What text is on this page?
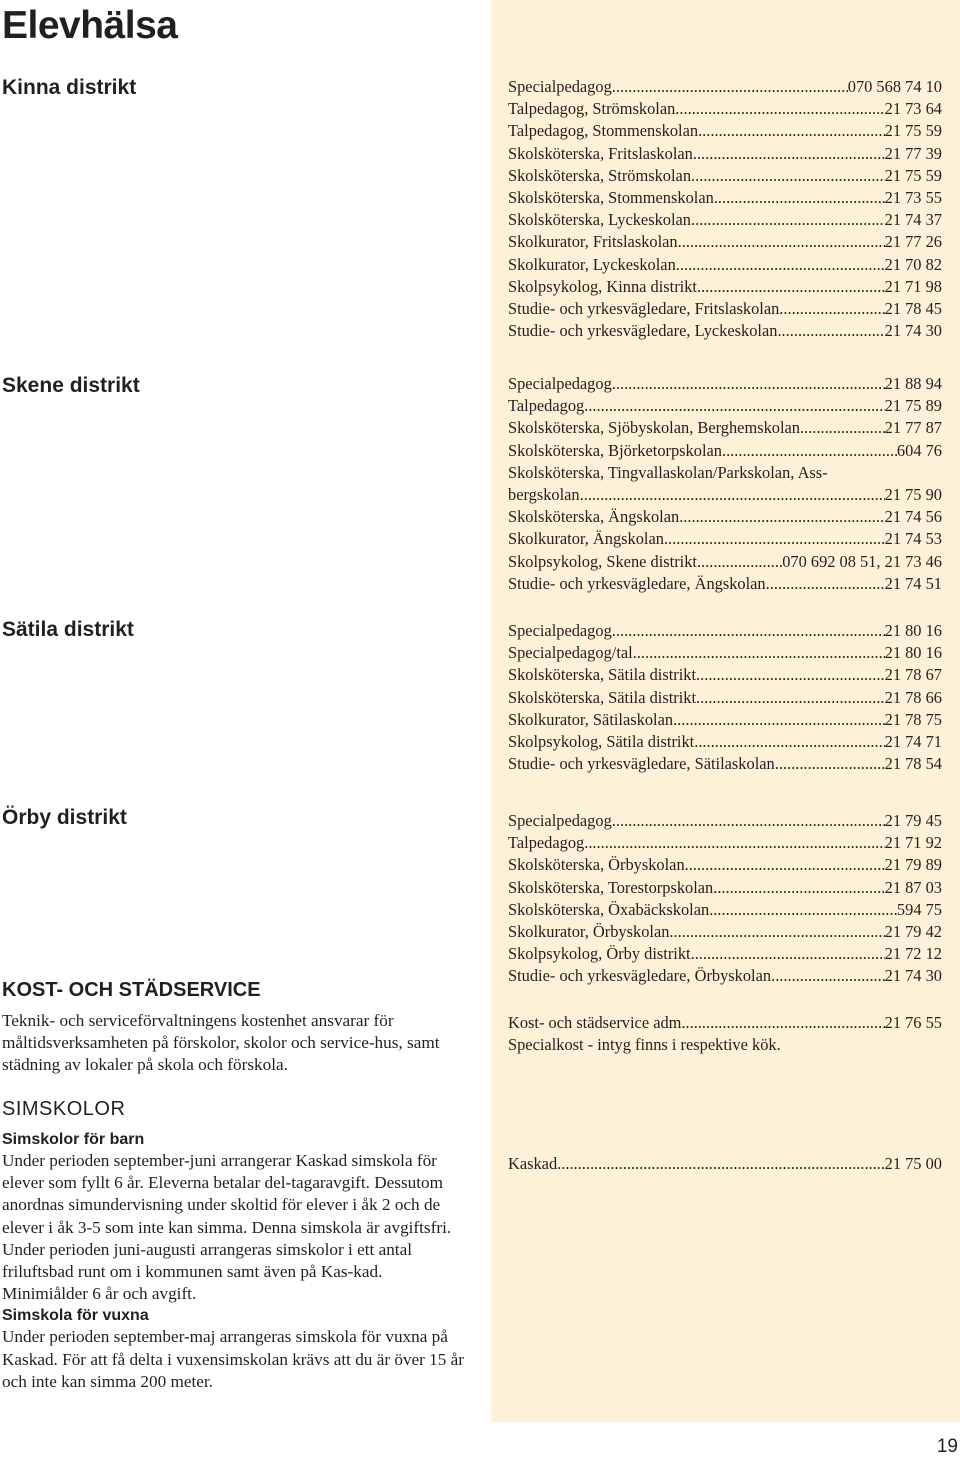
Elevhälsa
Kinna distrikt
Skene distrikt
Sätila distrikt
Örby distrikt
Specialpedagog .....	070 568 74 10
Talpedagog, Strömskolan .....	21 73 64
Talpedagog, Stommenskolan .....	21 75 59
Skolsköterska, Fritslaskolan .....	21 77 39
Skolsköterska, Strömskolan .....	21 75 59
Skolsköterska, Stommenskolan .....	21 73 55
Skolsköterska, Lyckeskolan .....	21 74 37
Skolkurator, Fritslaskolan .....	21 77 26
Skolkurator, Lyckeskolan .....	21 70 82
Skolpsykolog, Kinna distrikt .....	21 71 98
Studie- och yrkesvägledare, Fritslaskolan .....	21 78 45
Studie- och yrkesvägledare, Lyckeskolan .....	21 74 30
Specialpedagog .....	21 88 94
Talpedagog .....	21 75 89
Skolsköterska, Sjöbyskolan, Berghemskolan. .....	21 77 87
Skolsköterska, Björketorpskolan .....	604 76
Skolsköterska, Tingvallaskolan/Parkskolan, Ass-
bergskolan .....	21 75 90
Skolsköterska, Ängskolan .....	21 74 56
Skolkurator, Ängskolan .....	21 74 53
Skolpsykolog, Skene distrikt.. .....	070 692 08 51, 21 73 46
Studie- och yrkesvägledare, Ängskolan .....	21 74 51
Specialpedagog .....	21 80 16
Specialpedagog/tal .....	21 80 16
Skolsköterska, Sätila distrikt .....	21 78 67
Skolsköterska, Sätila distrikt .....	21 78 66
Skolkurator, Sätilaskolan .....	21 78 75
Skolpsykolog, Sätila distrikt .....	21 74 71
Studie- och yrkesvägledare, Sätilaskolan .....	21 78 54
Specialpedagog .....	21 79 45
Talpedagog .....	21 71 92
Skolsköterska, Örbyskolan .....	21 79 89
Skolsköterska, Torestorpskolan .....	21 87 03
Skolsköterska, Öxabäckskolan .....	594 75
Skolkurator, Örbyskolan .....	21 79 42
Skolpsykolog, Örby distrikt .....	21 72 12
Studie- och yrkesvägledare, Örbyskolan .....	21 74 30
Kost- och städservice adm .....	21 76 55
Specialkost - intyg finns i respektive kök.
Kaskad .....	21 75 00
KOST- OCH STÄDSERVICE
Teknik- och serviceförvaltningens kostenhet ansvarar för måltidsverksamheten på förskolor, skolor och service-hus, samt städning av lokaler på skola och förskola.
SIMSKOLOR
Simskolor för barn
Under perioden september-juni arrangerar Kaskad simskola för elever som fyllt 6 år. Eleverna betalar del-tagaravgift. Dessutom anordnas simundervisning under skoltid för elever i åk 2 och de elever i åk 3-5 som inte kan simma. Denna simskola är avgiftsfri.
Under perioden juni-augusti arrangeras simskolor i ett antal friluftsbad runt om i kommunen samt även på Kas-kad. Minimiålder 6 år och avgift.
Simskola för vuxna
Under perioden september-maj arrangeras simskola för vuxna på Kaskad. För att få delta i vuxensimskolan krävs att du är över 15 år och inte kan simma 200 meter.
19
